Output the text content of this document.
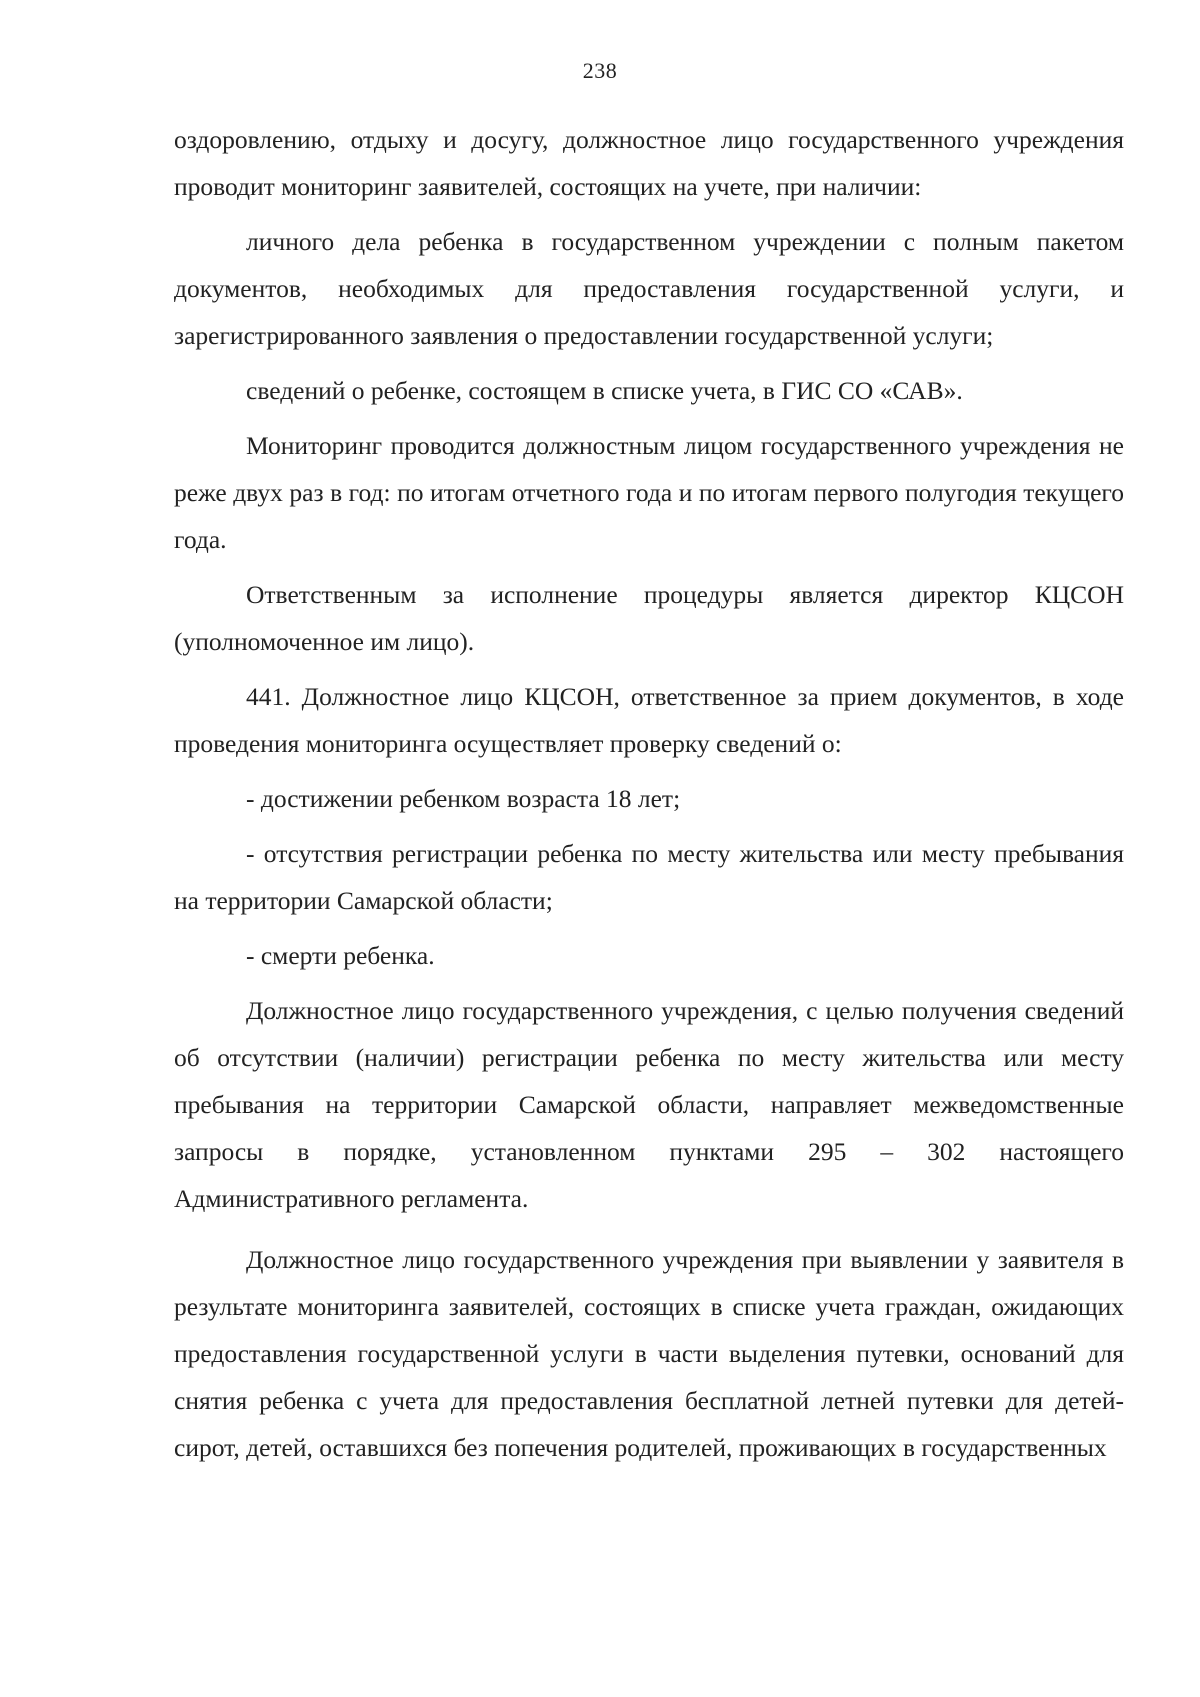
238

оздоровлению, отдыху и досугу, должностное лицо государственного учреждения проводит мониторинг заявителей, состоящих на учете, при наличии:

личного дела ребенка в государственном учреждении с полным пакетом документов, необходимых для предоставления государственной услуги, и зарегистрированного заявления о предоставлении государственной услуги;

сведений о ребенке, состоящем в списке учета, в ГИС СО «САВ».

Мониторинг проводится должностным лицом государственного учреждения не реже двух раз в год: по итогам отчетного года и по итогам первого полугодия текущего года.

Ответственным за исполнение процедуры является директор КЦСОН (уполномоченное им лицо).

441. Должностное лицо КЦСОН, ответственное за прием документов, в ходе проведения мониторинга осуществляет проверку сведений о:

- достижении ребенком возраста 18 лет;

- отсутствия регистрации ребенка по месту жительства или месту пребывания на территории Самарской области;

- смерти ребенка.

Должностное лицо государственного учреждения, с целью получения сведений об отсутствии (наличии) регистрации ребенка по месту жительства или месту пребывания на территории Самарской области, направляет межведомственные запросы в порядке, установленном пунктами 295 – 302 настоящего Административного регламента.

Должностное лицо государственного учреждения при выявлении у заявителя в результате мониторинга заявителей, состоящих в списке учета граждан, ожидающих предоставления государственной услуги в части выделения путевки, оснований для снятия ребенка с учета для предоставления бесплатной летней путевки для детей-сирот, детей, оставшихся без попечения родителей, проживающих в государственных
